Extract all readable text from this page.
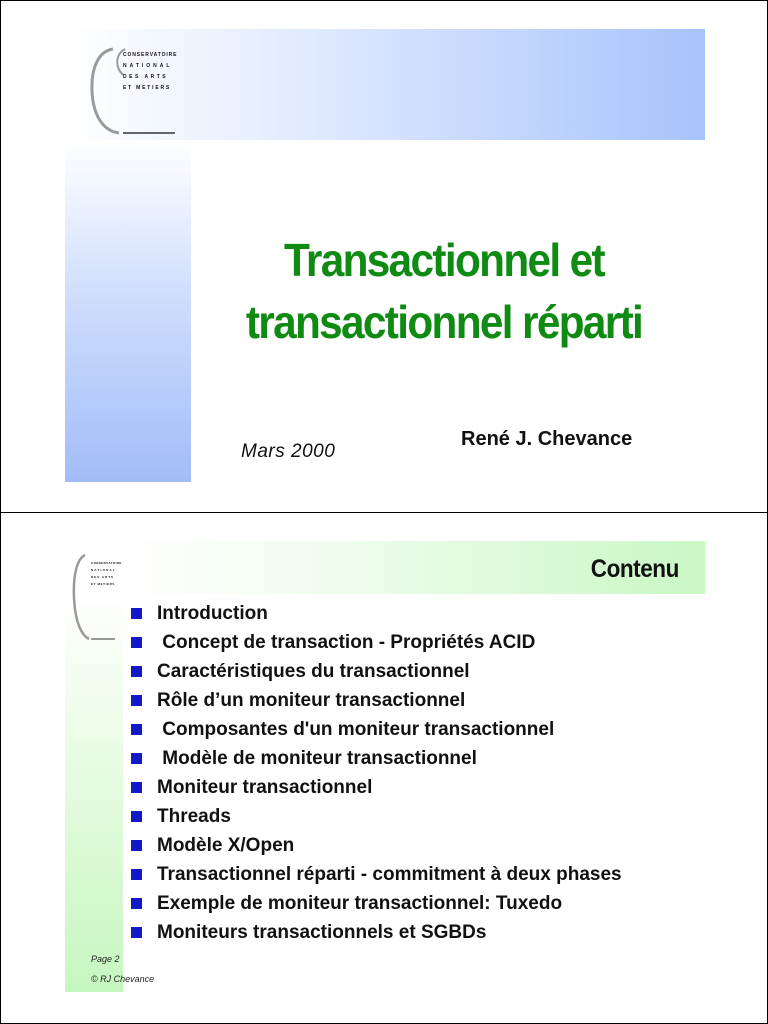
CONSERVATOIRE
NATIONAL
DES ARTS
ET METIERS
Transactionnel et
transactionnel réparti
Mars 2000
René J. Chevance
CONSERVATOIRE
NATIONAL
DES ARTS
ET METIERS
Contenu
Introduction
Concept de transaction - Propriétés ACID
Caractéristiques du transactionnel
Rôle d’un moniteur transactionnel
Composantes d'un moniteur transactionnel
Modèle de moniteur transactionnel
Moniteur transactionnel
Threads
Modèle X/Open
Transactionnel réparti - commitment à deux phases
Exemple de moniteur transactionnel: Tuxedo
Moniteurs transactionnels et SGBDs
Page 2
© RJ Chevance
